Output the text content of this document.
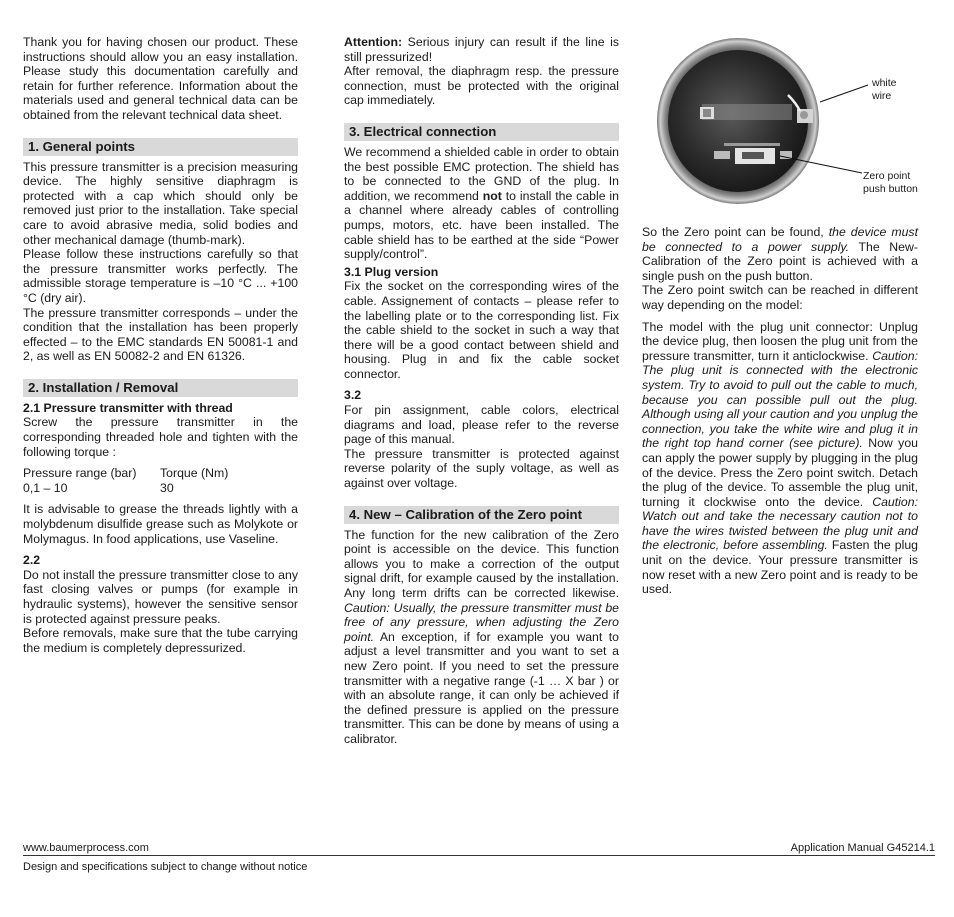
Thank you for having chosen our product. These instructions should allow you an easy installation. Please study this documentation carefully and retain for further reference. Information about the materials used and general technical data can be obtained from the relevant technical data sheet.

1. General points

This pressure transmitter is a precision measuring device. The highly sensitive diaphragm is protected with a cap which should only be removed just prior to the installation. Take special care to avoid abrasive media, solid bodies and other mechanical damage (thumb-mark).

Please follow these instructions carefully so that the pressure transmitter works perfectly. The admissible storage temperature is –10 °C ... +100 °C (dry air).

The pressure transmitter corresponds – under the condition that the installation has been properly effected – to the EMC standards EN 50081-1 and 2, as well as EN 50082-2 and EN 61326.

2. Installation / Removal
2.1 Pressure transmitter with thread

Screw the pressure transmitter in the corresponding threaded hole and tighten with the following torque :

Pressure range (bar)	Torque (Nm)
0,1 – 10	30

It is advisable to grease the threads lightly with a molybdenum disulfide grease such as Molykote or Molymagus. In food applications, use Vaseline.

2.2

Do not install the pressure transmitter close to any fast closing valves or pumps (for example in hydraulic systems), however the sensitive sensor is protected against pressure peaks.

Before removals, make sure that the tube carrying the medium is completely depressurized.

Attention: Serious injury can result if the line is still pressurized!

After removal, the diaphragm resp. the pressure connection, must be protected with the original cap immediately.

3. Electrical connection

We recommend a shielded cable in order to obtain the best possible EMC protection. The shield has to be connected to the GND of the plug. In addition, we recommend not to install the cable in a channel where already cables of controlling pumps, motors, etc. have been installed. The cable shield has to be earthed at the side “Power supply/control”.

3.1 Plug version

Fix the socket on the corresponding wires of the cable. Assignement of contacts – please refer to the labelling plate or to the corresponding list. Fix the cable shield to the socket in such a way that there will be a good contact between shield and housing. Plug in and fix the cable socket connector.

3.2

For pin assignment, cable colors, electrical diagrams and load, please refer to the reverse page of this manual.

The pressure transmitter is protected against reverse polarity of the suply voltage, as well as against over voltage.

4. New – Calibration of the Zero point

The function for the new calibration of the Zero point is accessible on the device. This function allows you to make a correction of the output signal drift, for example caused by the installation. Any long term drifts can be corrected likewise. Caution: Usually, the pressure transmitter must be free of any pressure, when adjusting the Zero point. An exception, if for example you want to adjust a level transmitter and you want to set a new Zero point. If you need to set the pressure transmitter with a negative range (-1 … X bar ) or with an absolute range, it can only be achieved if the defined pressure is applied on the pressure transmitter. This can be done by means of using a calibrator.

white wire
Zero point
push button

So the Zero point can be found, the device must be connected to a power supply. The New-Calibration of the Zero point is achieved with a single push on the push button.

The Zero point switch can be reached in different way depending on the model:

The model with the plug unit connector: Unplug the device plug, then loosen the plug unit from the pressure transmitter, turn it anticlockwise. Caution: The plug unit is connected with the electronic system. Try to avoid to pull out the cable to much, because you can possible pull out the plug. Although using all your caution and you unplug the connection, you take the white wire and plug it in the right top hand corner (see picture). Now you can apply the power supply by plugging in the plug of the device. Press the Zero point switch. Detach the plug of the device. To assemble the plug unit, turning it clockwise onto the device. Caution: Watch out and take the necessary caution not to have the wires twisted between the plug unit and the electronic, before assembling. Fasten the plug unit on the device. Your pressure transmitter is now reset with a new Zero point and is ready to be used.

www.baumerprocess.com	Application Manual G45214.1
Design and specifications subject to change without notice
